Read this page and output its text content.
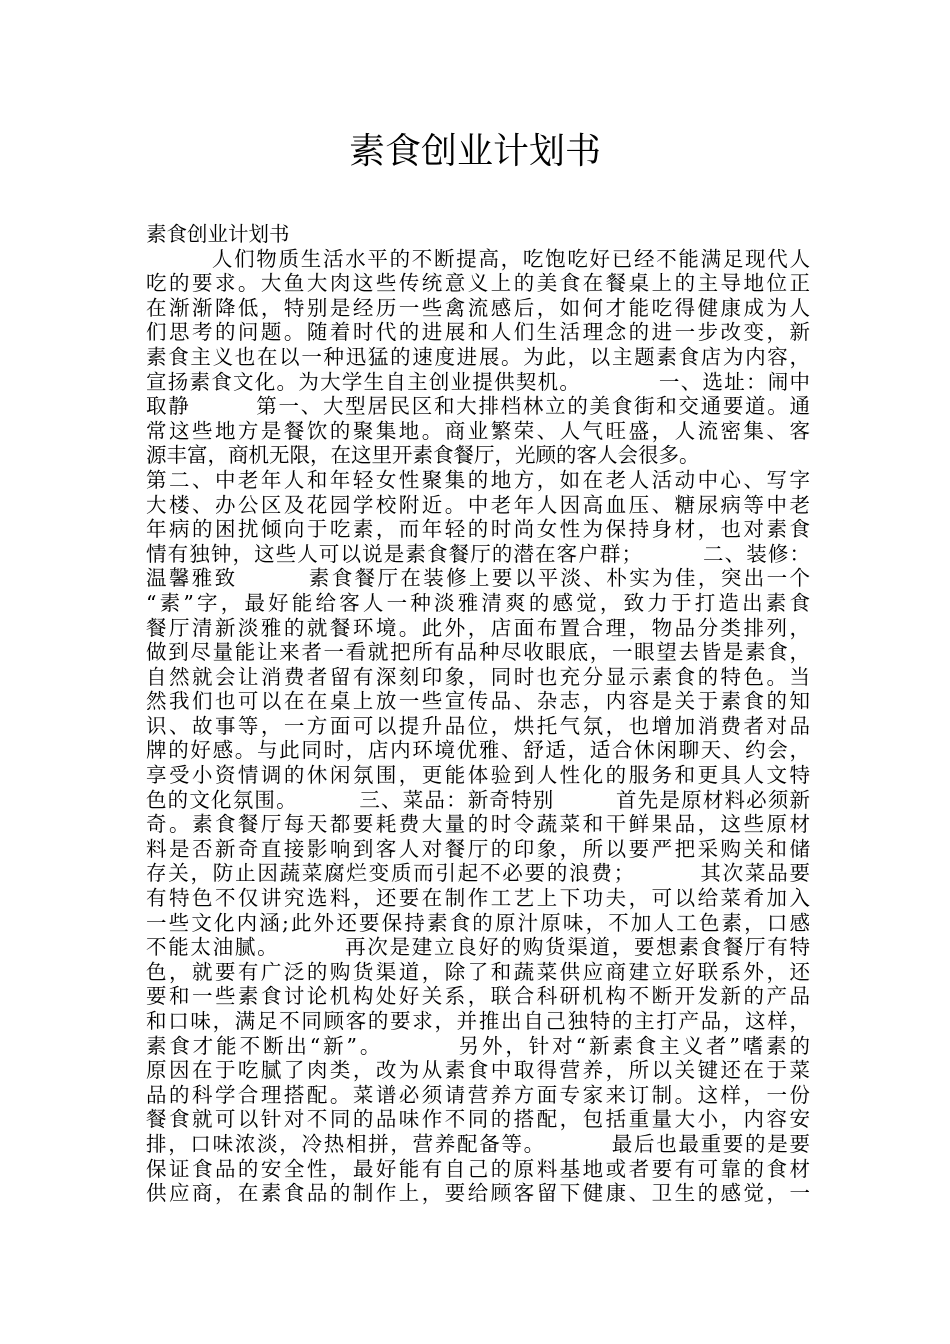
素食创业计划书

素食创业计划书

人们物质生活水平的不断提高，吃饱吃好已经不能满足现代人

吃的要求。大鱼大肉这些传统意义上的美食在餐桌上的主导地位正

在渐渐降低，特别是经历一些禽流感后，如何才能吃得健康成为人

们思考的问题。随着时代的进展和人们生活理念的进一步改变，新

素食主义也在以一种迅猛的速度进展。为此，以主题素食店为内容，

宣扬素食文化。为大学生自主创业提供契机。          一、选址：闹中

取静        第一、大型居民区和大排档林立的美食街和交通要道。通

常这些地方是餐饮的聚集地。商业繁荣、人气旺盛，人流密集、客

源丰富，商机无限，在这里开素食餐厅，光顾的客人会很多。

第二、中老年人和年轻女性聚集的地方，如在老人活动中心、写字

大楼、办公区及花园学校附近。中老年人因高血压、糖尿病等中老

年病的困扰倾向于吃素，而年轻的时尚女性为保持身材，也对素食

情有独钟，这些人可以说是素食餐厅的潜在客户群；        二、装修：

温馨雅致        素食餐厅在装修上要以平淡、朴实为佳，突出一个

“素”字，最好能给客人一种淡雅清爽的感觉，致力于打造出素食

餐厅清新淡雅的就餐环境。此外，店面布置合理，物品分类排列，

做到尽量能让来者一看就把所有品种尽收眼底，一眼望去皆是素食，

自然就会让消费者留有深刻印象，同时也充分显示素食的特色。当

然我们也可以在在桌上放一些宣传品、杂志，内容是关于素食的知

识、故事等，一方面可以提升品位，烘托气氛，也增加消费者对品

牌的好感。与此同时，店内环境优雅、舒适，适合休闲聊天、约会，

享受小资情调的休闲氛围，更能体验到人性化的服务和更具人文特

色的文化氛围。        三、菜品：新奇特别        首先是原材料必须新

奇。素食餐厅每天都要耗费大量的时令蔬菜和干鲜果品，这些原材

料是否新奇直接影响到客人对餐厅的印象，所以要严把采购关和储

存关，防止因蔬菜腐烂变质而引起不必要的浪费；        其次菜品要

有特色不仅讲究选料，还要在制作工艺上下功夫，可以给菜肴加入

一些文化内涵;此外还要保持素食的原汁原味，不加人工色素，口感

不能太油腻。        再次是建立良好的购货渠道，要想素食餐厅有特

色，就要有广泛的购货渠道，除了和蔬菜供应商建立好联系外，还

要和一些素食讨论机构处好关系，联合科研机构不断开发新的产品

和口味，满足不同顾客的要求，并推出自己独特的主打产品，这样，

素食才能不断出“新”。        另外，针对“新素食主义者”嗜素的

原因在于吃腻了肉类，改为从素食中取得营养，所以关键还在于菜

品的科学合理搭配。菜谱必须请营养方面专家来订制。这样，一份

餐食就可以针对不同的品味作不同的搭配，包括重量大小，内容安

排，口味浓淡，冷热相拼，营养配备等。        最后也最重要的是要

保证食品的安全性，最好能有自己的原料基地或者要有可靠的食材

供应商，在素食品的制作上，要给顾客留下健康、卫生的感觉，一
